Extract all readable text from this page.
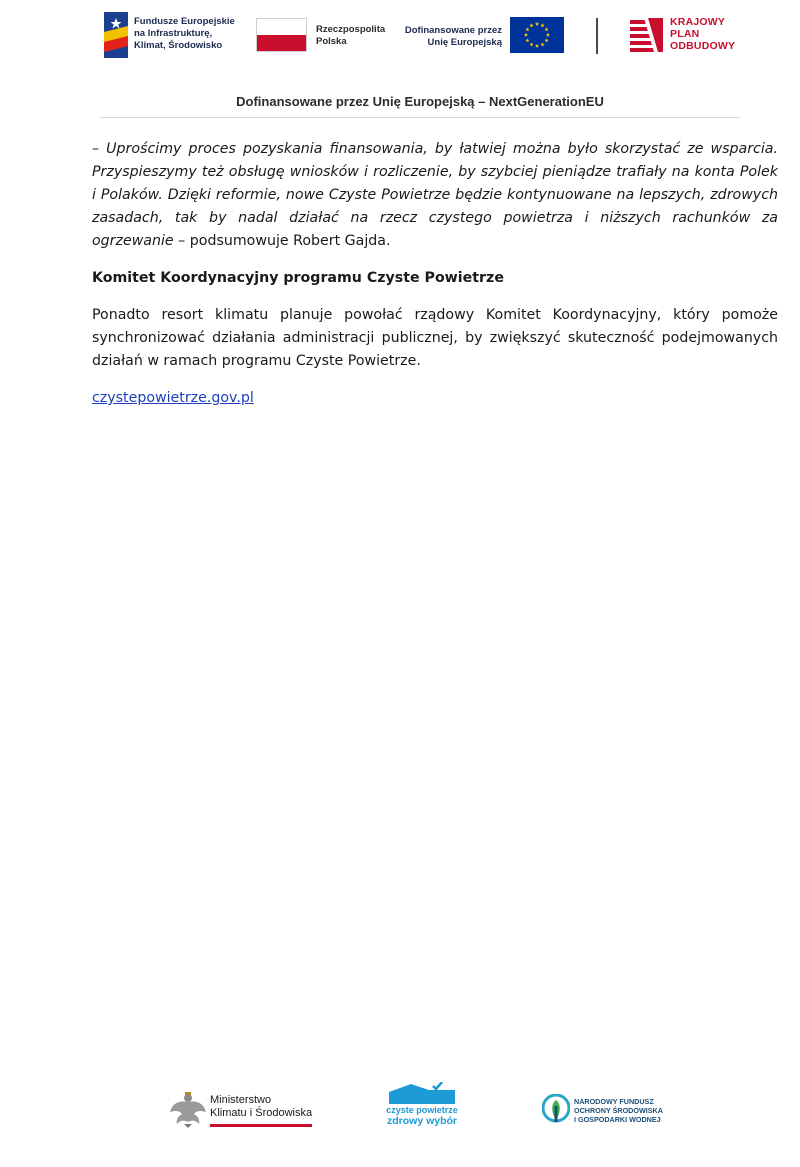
Fundusze Europejskie
na Infrastrukturę,
Klimat, Środowisko
Rzeczpospolita
Polska
Dofinansowane przez
Unię Europejską
KRAJOWY
PLAN
ODBUDOWY
Dofinansowane przez Unię Europejską – NextGenerationEU

– Uprościmy proces pozyskania finansowania, by łatwiej można było skorzystać ze wsparcia. Przyspieszymy też obsługę wniosków i rozliczenie, by szybciej pieniądze trafiały na konta Polek i Polaków. Dzięki reformie, nowe Czyste Powietrze będzie kontynuowane na lepszych, zdrowych zasadach, tak by nadal działać na rzecz czystego powietrza i niższych rachunków za ogrzewanie – podsumowuje Robert Gajda.

Komitet Koordynacyjny programu Czyste Powietrze

Ponadto resort klimatu planuje powołać rządowy Komitet Koordynacyjny, który pomoże synchronizować działania administracji publicznej, by zwiększyć skuteczność podejmowanych działań w ramach programu Czyste Powietrze.

czystepowietrze.gov.pl
Ministerstwo
Klimatu i Środowiska	czyste powietrze
zdrowy wybór
NARODOWY FUNDUSZ
OCHRONY ŚRODOWISKA
I GOSPODARKI WODNEJ
